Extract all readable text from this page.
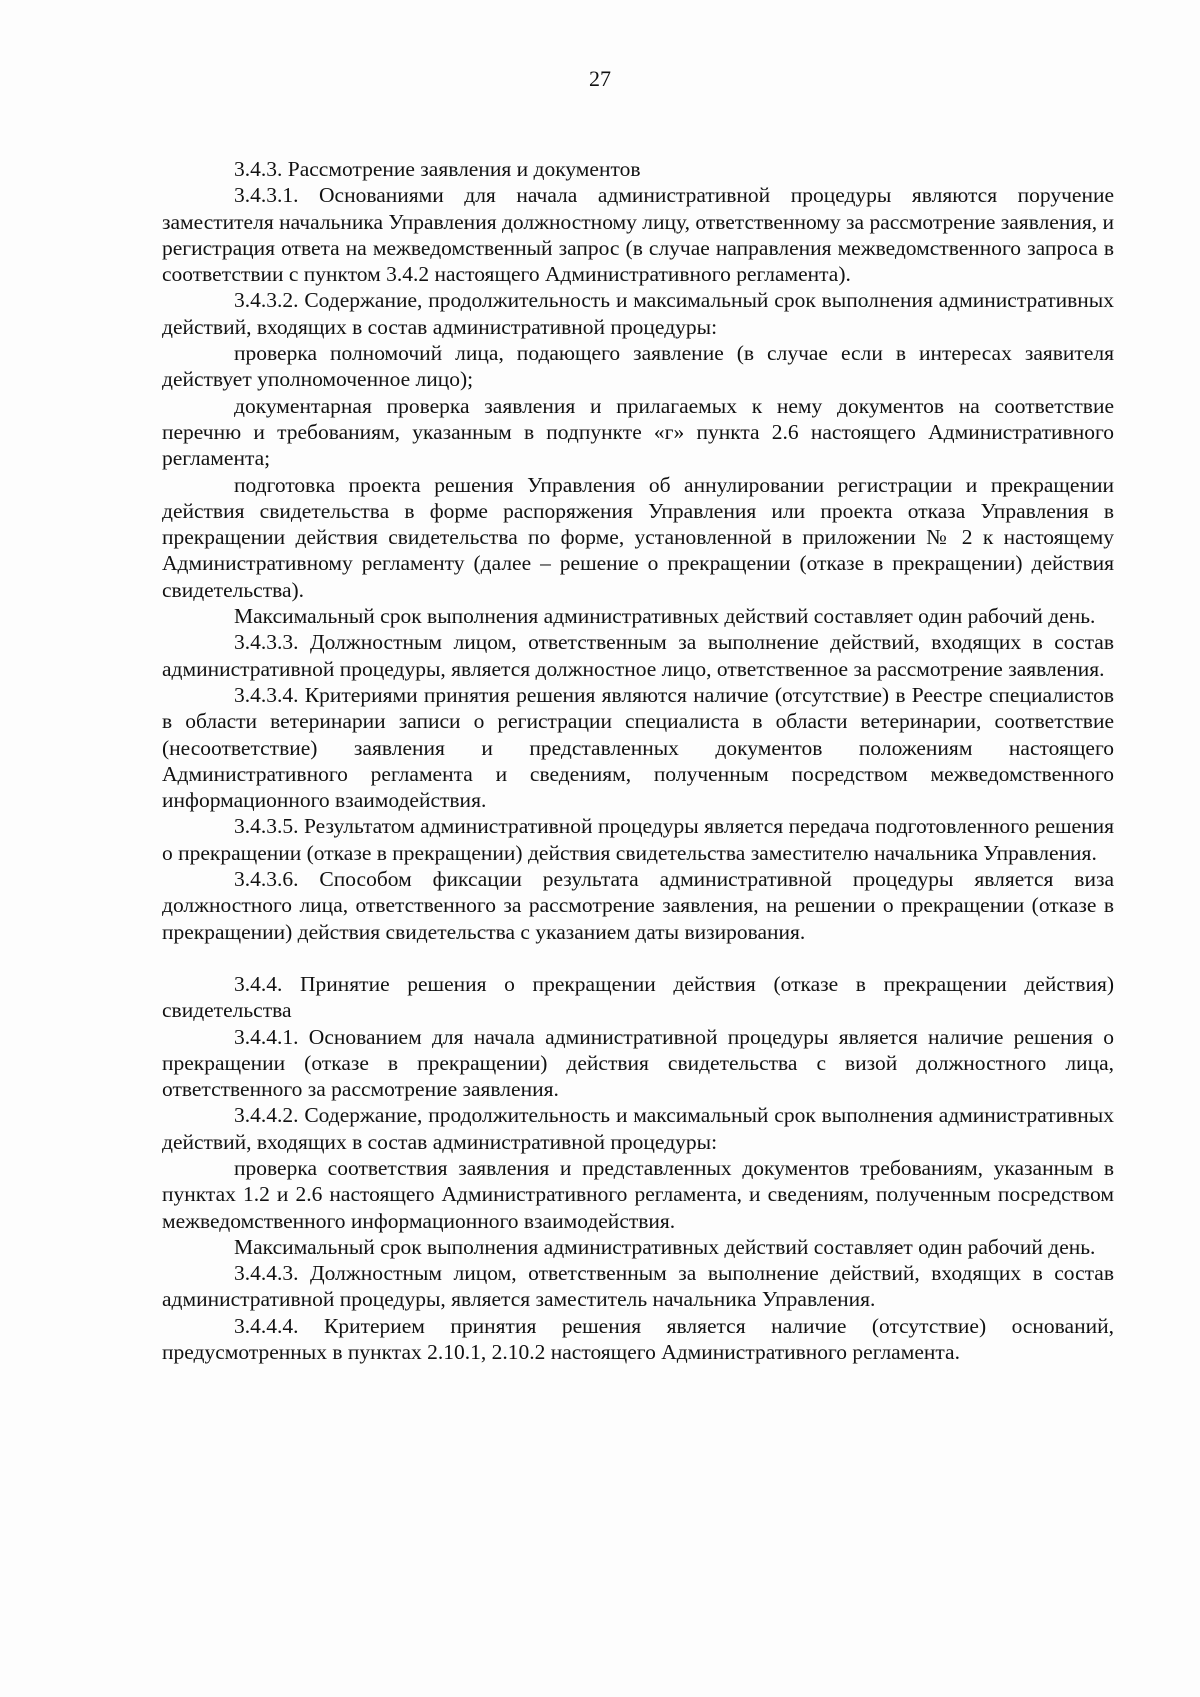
27

3.4.3. Рассмотрение заявления и документов

3.4.3.1. Основаниями для начала административной процедуры являются поручение заместителя начальника Управления должностному лицу, ответственному за рассмотрение заявления, и регистрация ответа на межведомственный запрос (в случае направления межведомственного запроса в соответствии с пунктом 3.4.2 настоящего Административного регламента).

3.4.3.2. Содержание, продолжительность и максимальный срок выполнения административных действий, входящих в состав административной процедуры:

проверка полномочий лица, подающего заявление (в случае если в интересах заявителя действует уполномоченное лицо);

документарная проверка заявления и прилагаемых к нему документов на соответствие перечню и требованиям, указанным в подпункте «г» пункта 2.6 настоящего Административного регламента;

подготовка проекта решения Управления об аннулировании регистрации и прекращении действия свидетельства в форме распоряжения Управления или проекта отказа Управления в прекращении действия свидетельства по форме, установленной в приложении № 2 к настоящему Административному регламенту (далее – решение о прекращении (отказе в прекращении) действия свидетельства).

Максимальный срок выполнения административных действий составляет один рабочий день.

3.4.3.3. Должностным лицом, ответственным за выполнение действий, входящих в состав административной процедуры, является должностное лицо, ответственное за рассмотрение заявления.

3.4.3.4. Критериями принятия решения являются наличие (отсутствие) в Реестре специалистов в области ветеринарии записи о регистрации специалиста в области ветеринарии, соответствие (несоответствие) заявления и представленных документов положениям настоящего Административного регламента и сведениям, полученным посредством межведомственного информационного взаимодействия.

3.4.3.5. Результатом административной процедуры является передача подготовленного решения о прекращении (отказе в прекращении) действия свидетельства заместителю начальника Управления.

3.4.3.6. Способом фиксации результата административной процедуры является виза должностного лица, ответственного за рассмотрение заявления, на решении о прекращении (отказе в прекращении) действия свидетельства с указанием даты визирования.

3.4.4. Принятие решения о прекращении действия (отказе в прекращении действия) свидетельства

3.4.4.1. Основанием для начала административной процедуры является наличие решения о прекращении (отказе в прекращении) действия свидетельства с визой должностного лица, ответственного за рассмотрение заявления.

3.4.4.2. Содержание, продолжительность и максимальный срок выполнения административных действий, входящих в состав административной процедуры:

проверка соответствия заявления и представленных документов требованиям, указанным в пунктах 1.2 и 2.6 настоящего Административного регламента, и сведениям, полученным посредством межведомственного информационного взаимодействия.

Максимальный срок выполнения административных действий составляет один рабочий день.

3.4.4.3. Должностным лицом, ответственным за выполнение действий, входящих в состав административной процедуры, является заместитель начальника Управления.

3.4.4.4. Критерием принятия решения является наличие (отсутствие) оснований, предусмотренных в пунктах 2.10.1, 2.10.2 настоящего Административного регламента.
